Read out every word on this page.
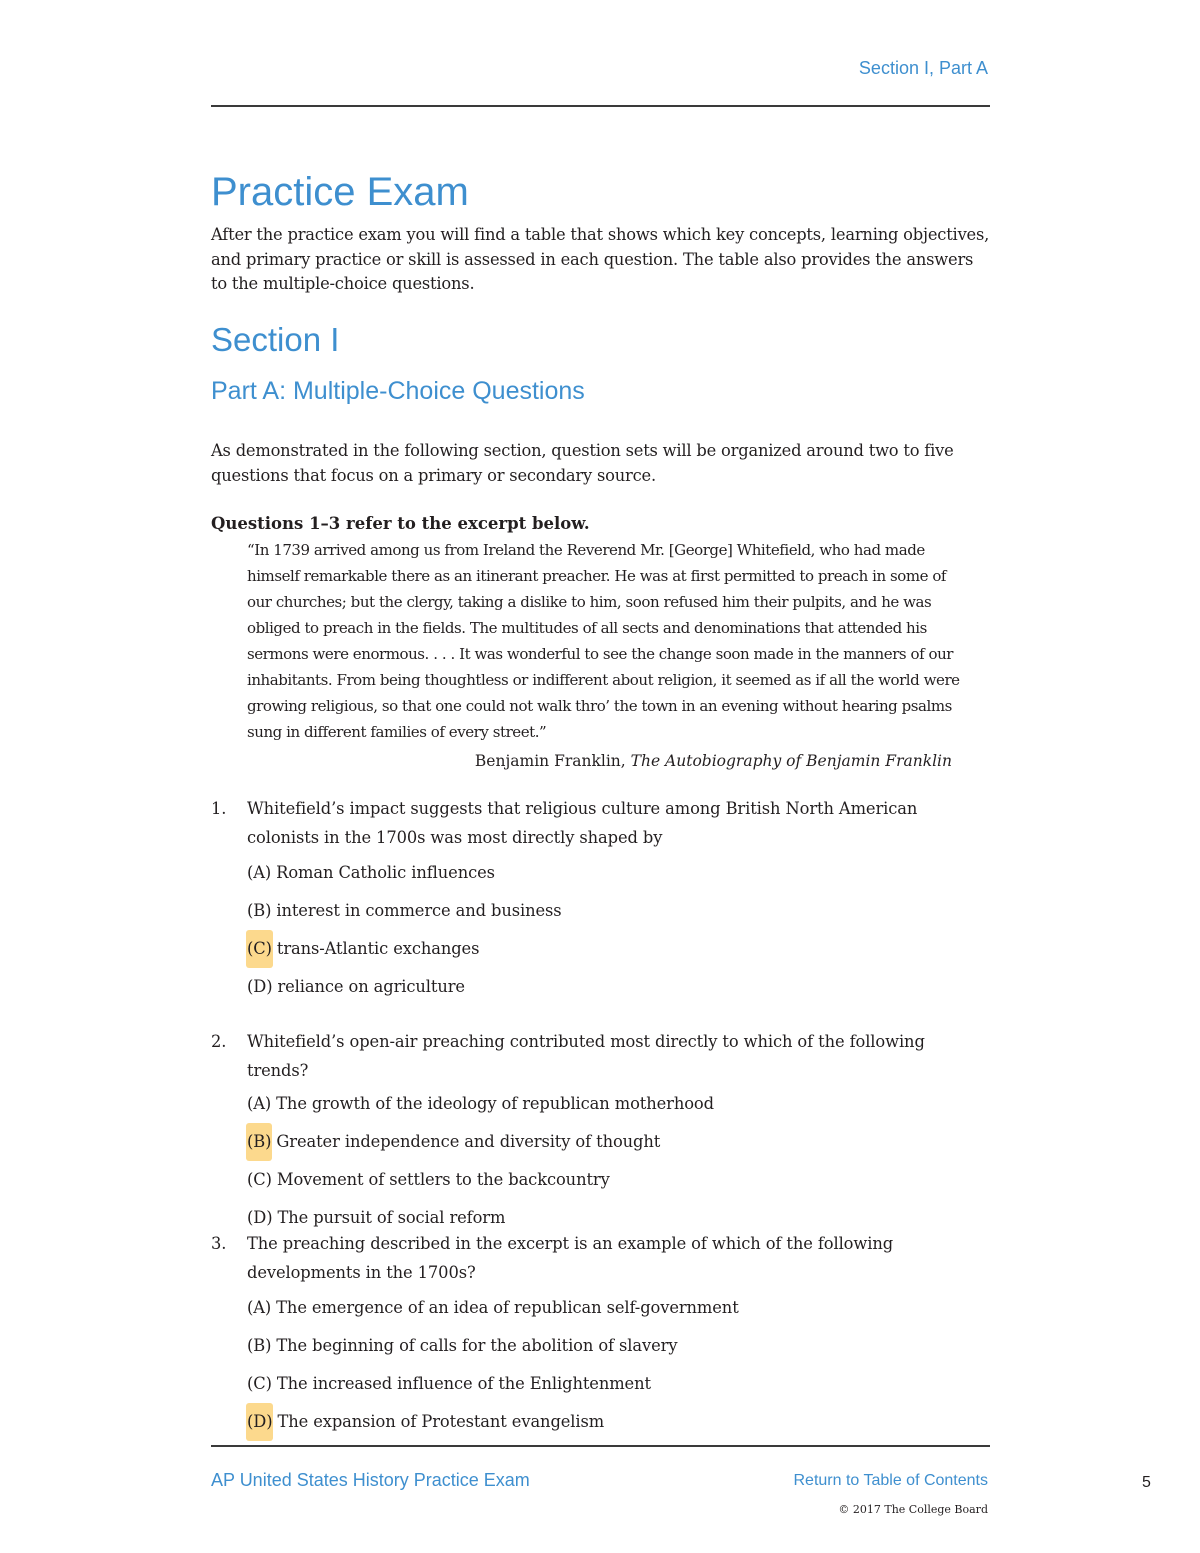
Section I, Part A
Practice Exam

After the practice exam you will find a table that shows which key concepts, learning objectives, and primary practice or skill is assessed in each question. The table also provides the answers to the multiple-choice questions.

Section I
Part A: Multiple-Choice Questions

As demonstrated in the following section, question sets will be organized around two to five questions that focus on a primary or secondary source.

Questions 1–3 refer to the excerpt below.

“In 1739 arrived among us from Ireland the Reverend Mr. [George] Whitefield, who had made himself remarkable there as an itinerant preacher. He was at first permitted to preach in some of our churches; but the clergy, taking a dislike to him, soon refused him their pulpits, and he was obliged to preach in the fields. The multitudes of all sects and denominations that attended his sermons were enormous. . . . It was wonderful to see the change soon made in the manners of our inhabitants. From being thoughtless or indifferent about religion, it seemed as if all the world were growing religious, so that one could not walk thro’ the town in an evening without hearing psalms sung in different families of every street.”

Benjamin Franklin, The Autobiography of Benjamin Franklin

1. Whitefield’s impact suggests that religious culture among British North American colonists in the 1700s was most directly shaped by

(A) Roman Catholic influences
(B) interest in commerce and business
(C) trans-Atlantic exchanges
(D) reliance on agriculture
2. Whitefield’s open-air preaching contributed most directly to which of the following trends?

(A) The growth of the ideology of republican motherhood
(B) Greater independence and diversity of thought
(C) Movement of settlers to the backcountry
(D) The pursuit of social reform
3. The preaching described in the excerpt is an example of which of the following developments in the 1700s?

(A) The emergence of an idea of republican self-government
(B) The beginning of calls for the abolition of slavery
(C) The increased influence of the Enlightenment
(D) The expansion of Protestant evangelism
AP United States History Practice Exam	Return to Table of Contents
© 2017 The College Board
5
